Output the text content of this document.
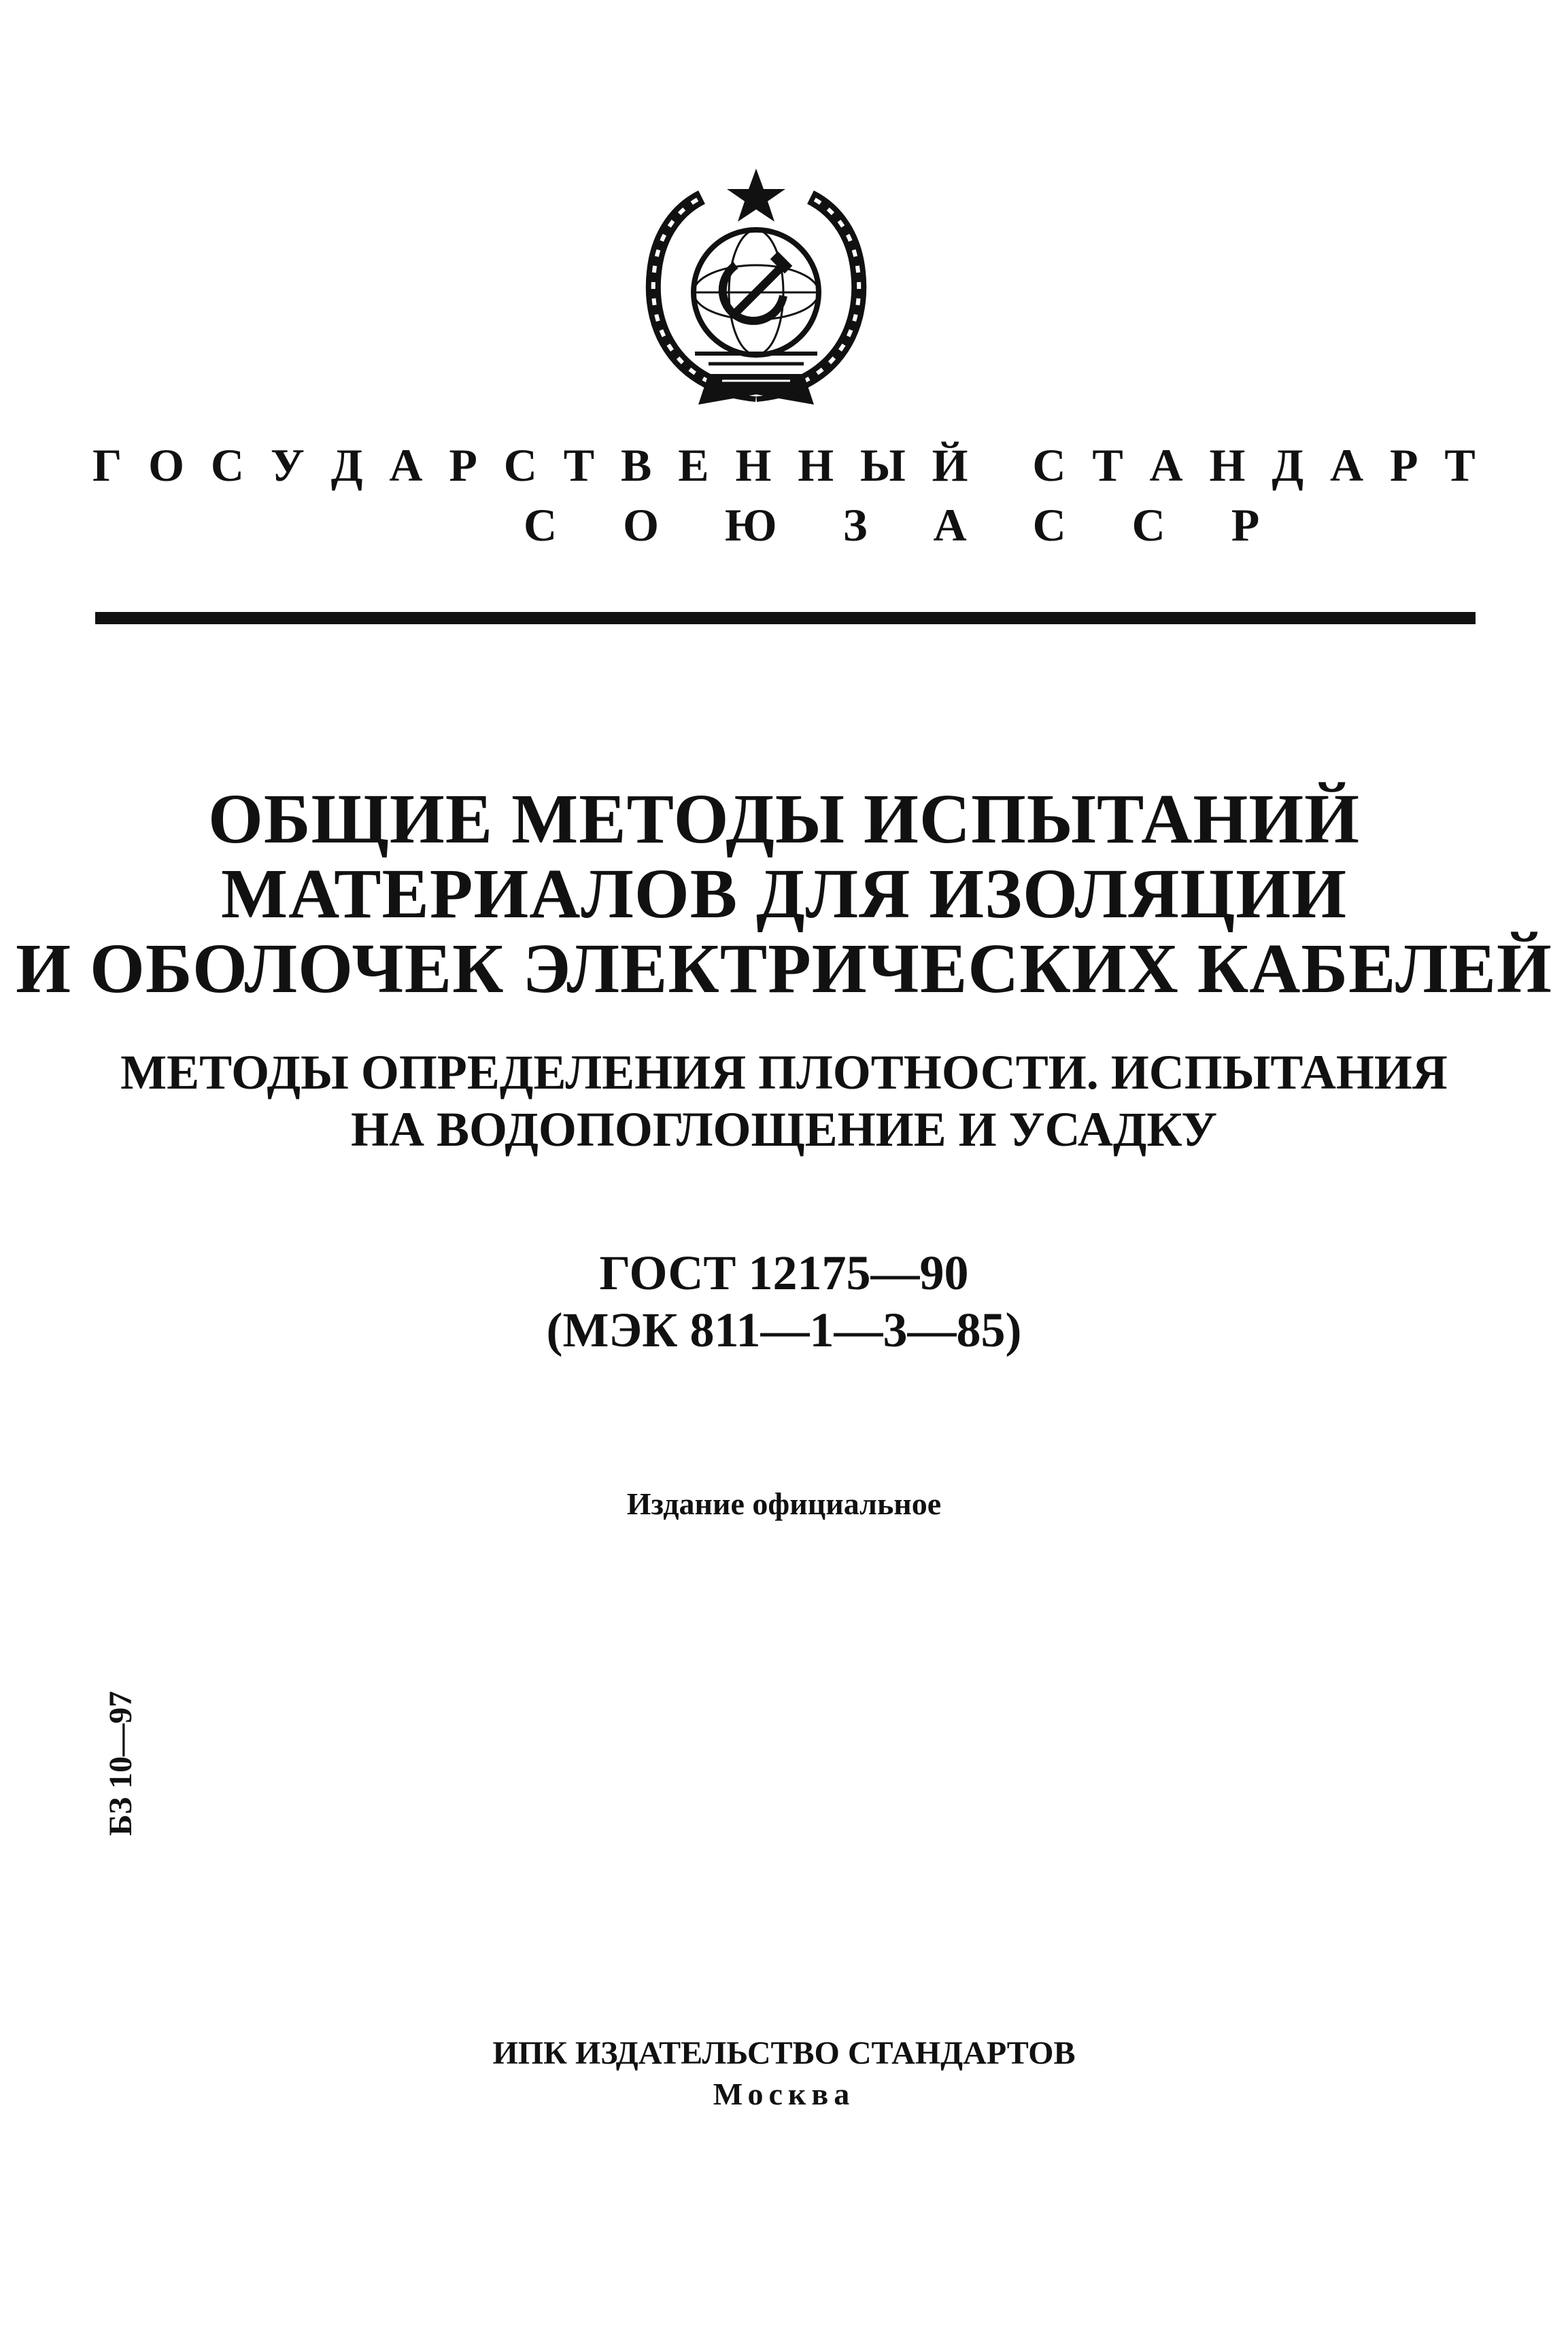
Г О С У Д А Р С Т В Е Н Н Ы Й
С Т А Н Д А Р Т
С О Ю З А С С Р
ОБЩИЕ МЕТОДЫ ИСПЫТАНИЙ
МАТЕРИАЛОВ ДЛЯ ИЗОЛЯЦИИ
И ОБОЛОЧЕК ЭЛЕКТРИЧЕСКИХ КАБЕЛЕЙ
МЕТОДЫ ОПРЕДЕЛЕНИЯ ПЛОТНОСТИ. ИСПЫТАНИЯ
НА ВОДОПОГЛОЩЕНИЕ И УСАДКУ
ГОСТ 12175—90
(МЭК 811—1—3—85)
Издание официальное
БЗ 10—97
ИПК ИЗДАТЕЛЬСТВО СТАНДАРТОВ
Москва
